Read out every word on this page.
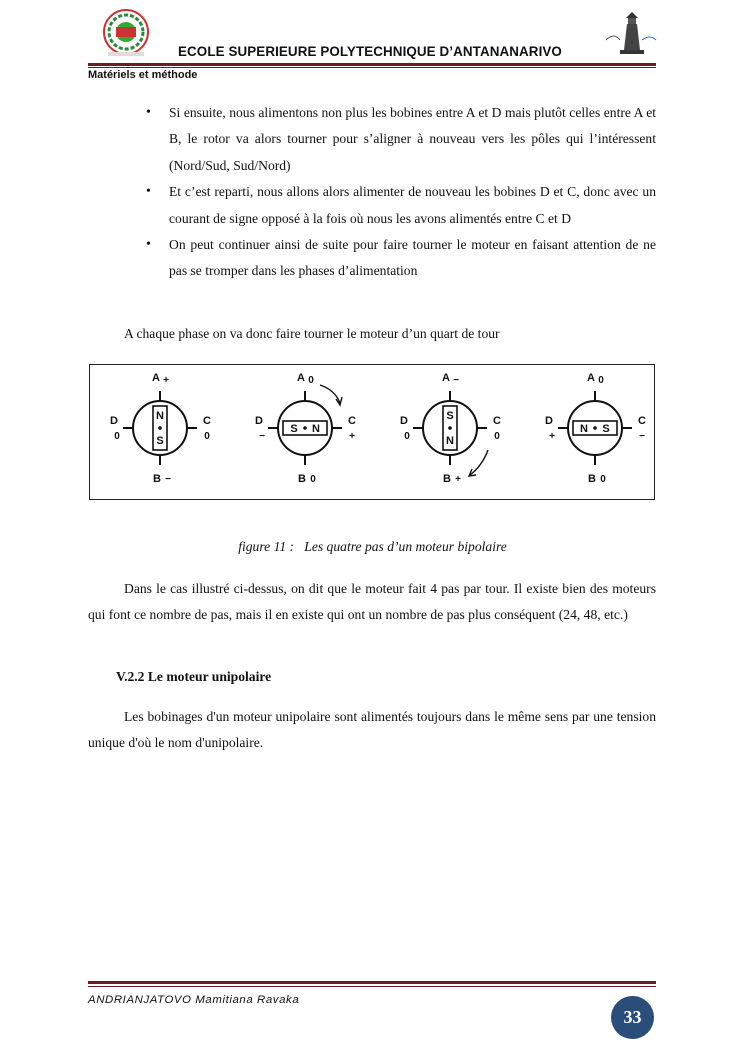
ECOLE SUPERIEURE POLYTECHNIQUE D’ANTANANARIVO
Matériels et méthode
• Si ensuite, nous alimentons non plus les bobines entre A et D mais plutôt celles entre A et B, le rotor va alors tourner pour s’aligner à nouveau vers les pôles qui l’intéressent (Nord/Sud, Sud/Nord)
• Et c’est reparti, nous allons alors alimenter de nouveau les bobines D et C, donc avec un courant de signe opposé à la fois où nous les avons alimentés entre C et D
• On peut continuer ainsi de suite pour faire tourner le moteur en faisant attention de ne pas se tromper dans les phases d’alimentation
A chaque phase on va donc faire tourner le moteur d’un quart de tour
A +
B −
D
0
C
0
N
S
A 0
B 0
D
−
C
+
S N
A −
B +
D
0
C
0
S
N
A 0
B 0
D
+
C
−
N S
figure 11 :   Les quatre pas d’un moteur bipolaire
Dans le cas illustré ci-dessus, on dit que le moteur fait 4 pas par tour. Il existe bien des moteurs qui font ce nombre de pas, mais il en existe qui ont un nombre de pas plus conséquent (24, 48, etc.)
V.2.2 Le moteur unipolaire
Les bobinages d'un moteur unipolaire sont alimentés toujours dans le même sens par une tension unique d'où le nom d'unipolaire.
ANDRIANJATOVO Mamitiana Ravaka
33
